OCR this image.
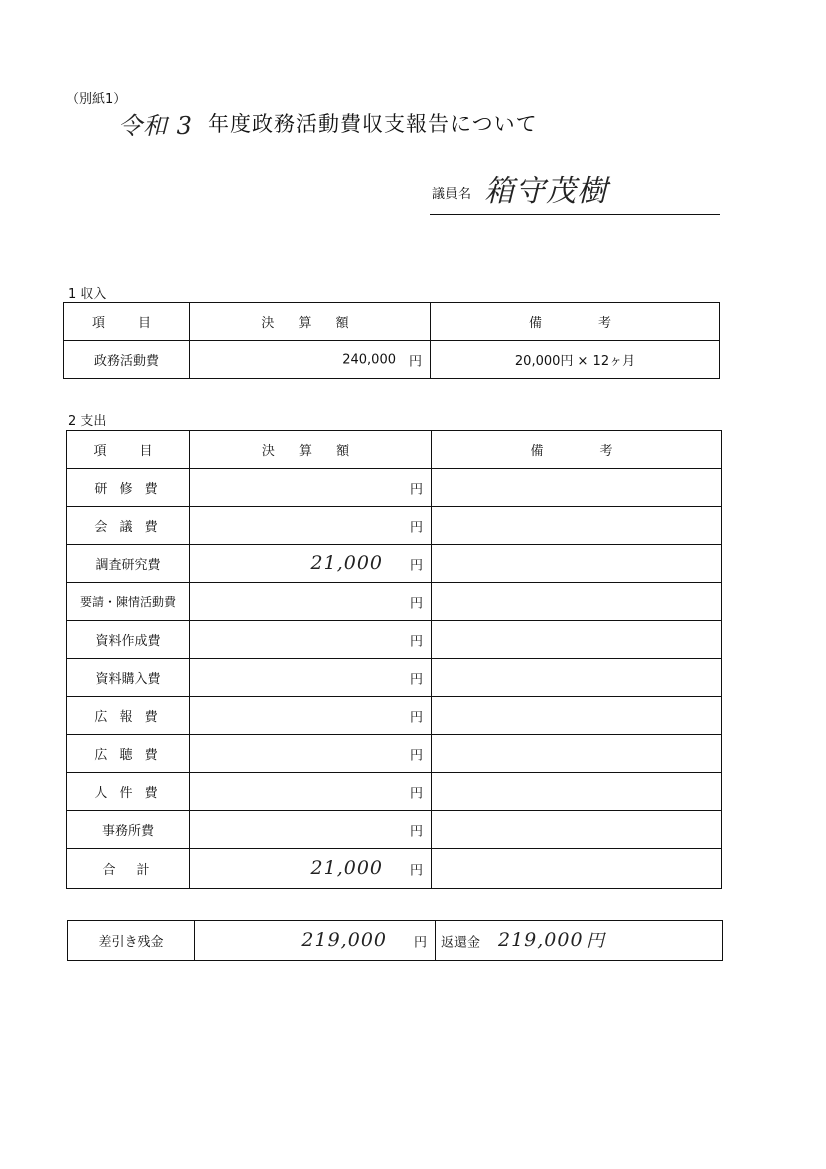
（別紙1）
令和 3 年度政務活動費収支報告について
議員名 箱守茂樹
1 収入
項　目	決 算 額	備　　考
政務活動費	240,000 円	20,000円 × 12ヶ月
2 支出
項　目	決 算 額	備　　考
研 修 費	円	

会 議 費	円	

調査研究費	21,000 円	

要請・陳情活動費	円	

資料作成費	円	

資料購入費	円	

広 報 費	円	

広 聴 費	円	

人 件 費	円	

事務所費	円	

合　計	21,000 円	

差引き残金	219,000 円	返還金 219,000 円
